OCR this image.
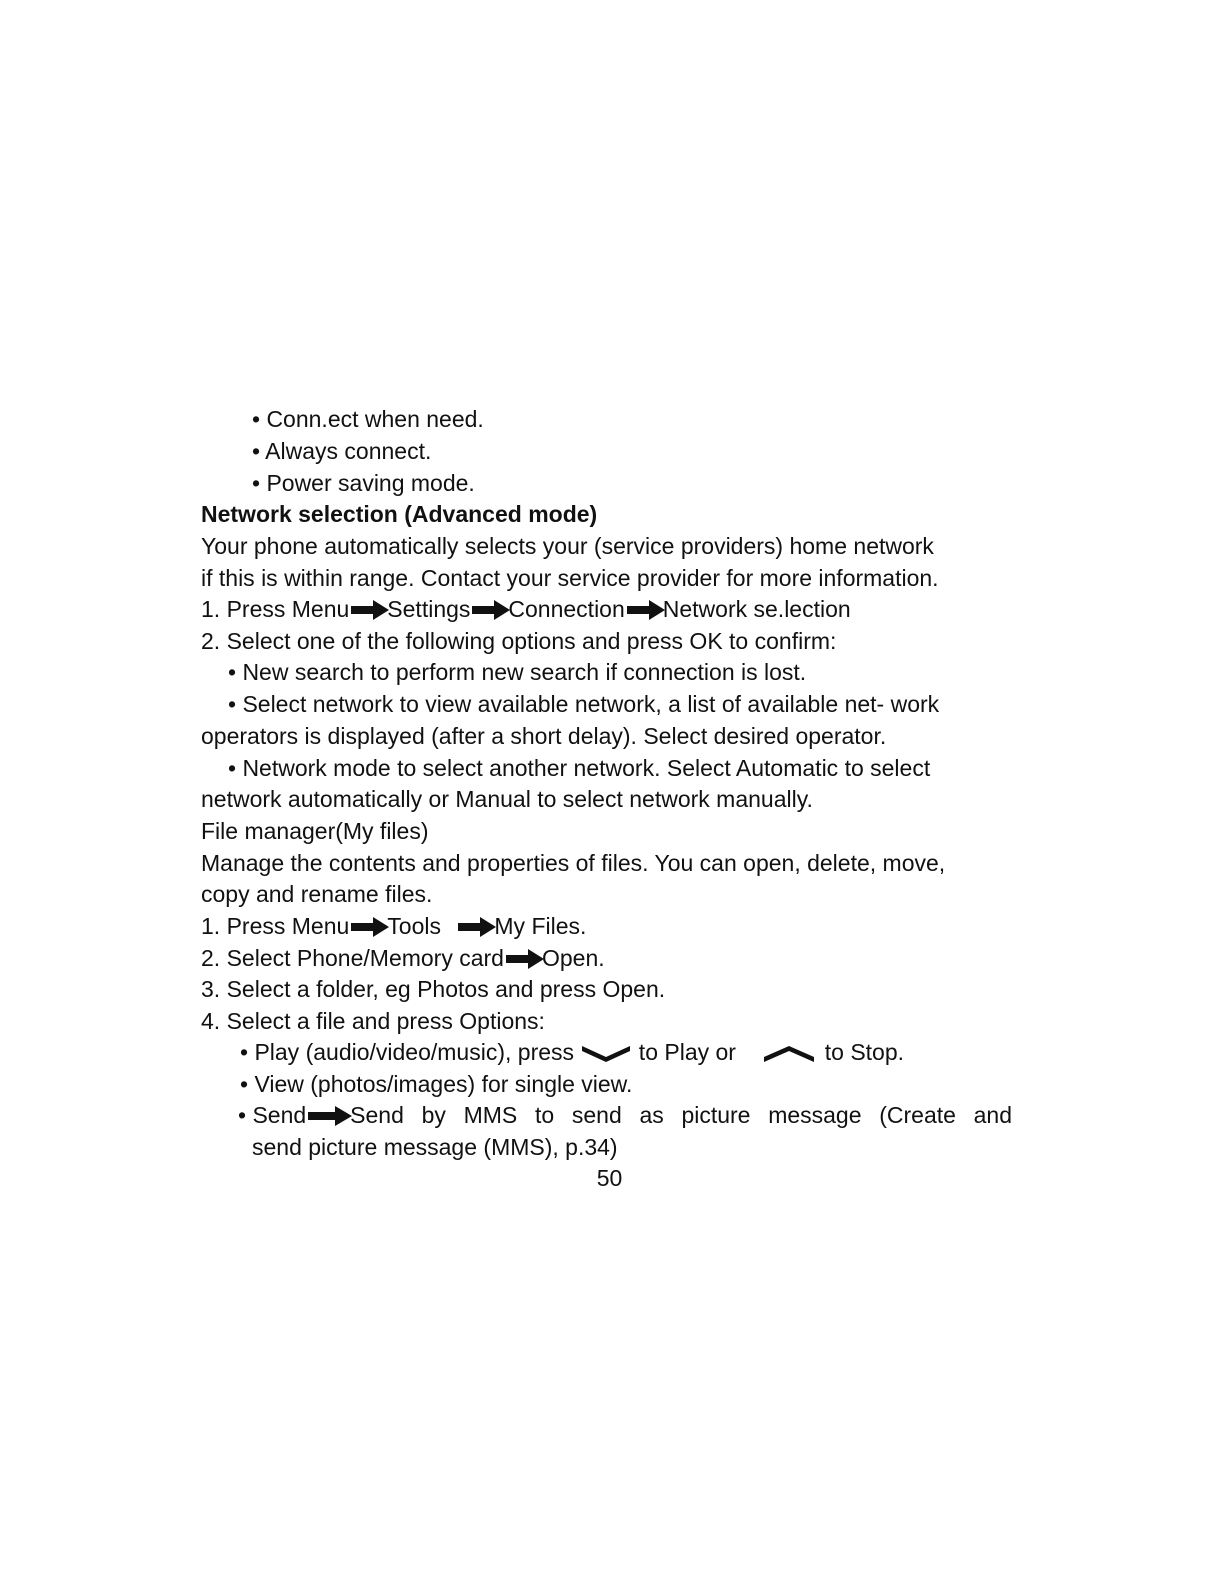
• Conn.ect when need.
• Always connect.
• Power saving mode.
Network selection (Advanced mode)
Your phone automatically selects your (service providers) home network
if this is within range. Contact your service provider for more information.
1. Press Menu Settings Connection Network se.lection
2. Select one of the following options and press OK to confirm:
• New search to perform new search if connection is lost.
• Select network to view available network, a list of available net- work
operators is displayed (after a short delay). Select desired operator.
• Network mode to select another network. Select Automatic to select
network automatically or Manual to select network manually.
File manager(My files)
Manage the contents and properties of files. You can open, delete, move,
copy and rename files.
1. Press Menu Tools
My Files.
2. Select Phone/Memory card Open.
3. Select a folder, eg Photos and press Open.
4. Select a file and press Options:
• Play (audio/video/music), press
to Play or	to Stop.
• View (photos/images) for single view.
• Send Send by MMS to send as picture message (Create and
send picture message (MMS), p.34)
50
